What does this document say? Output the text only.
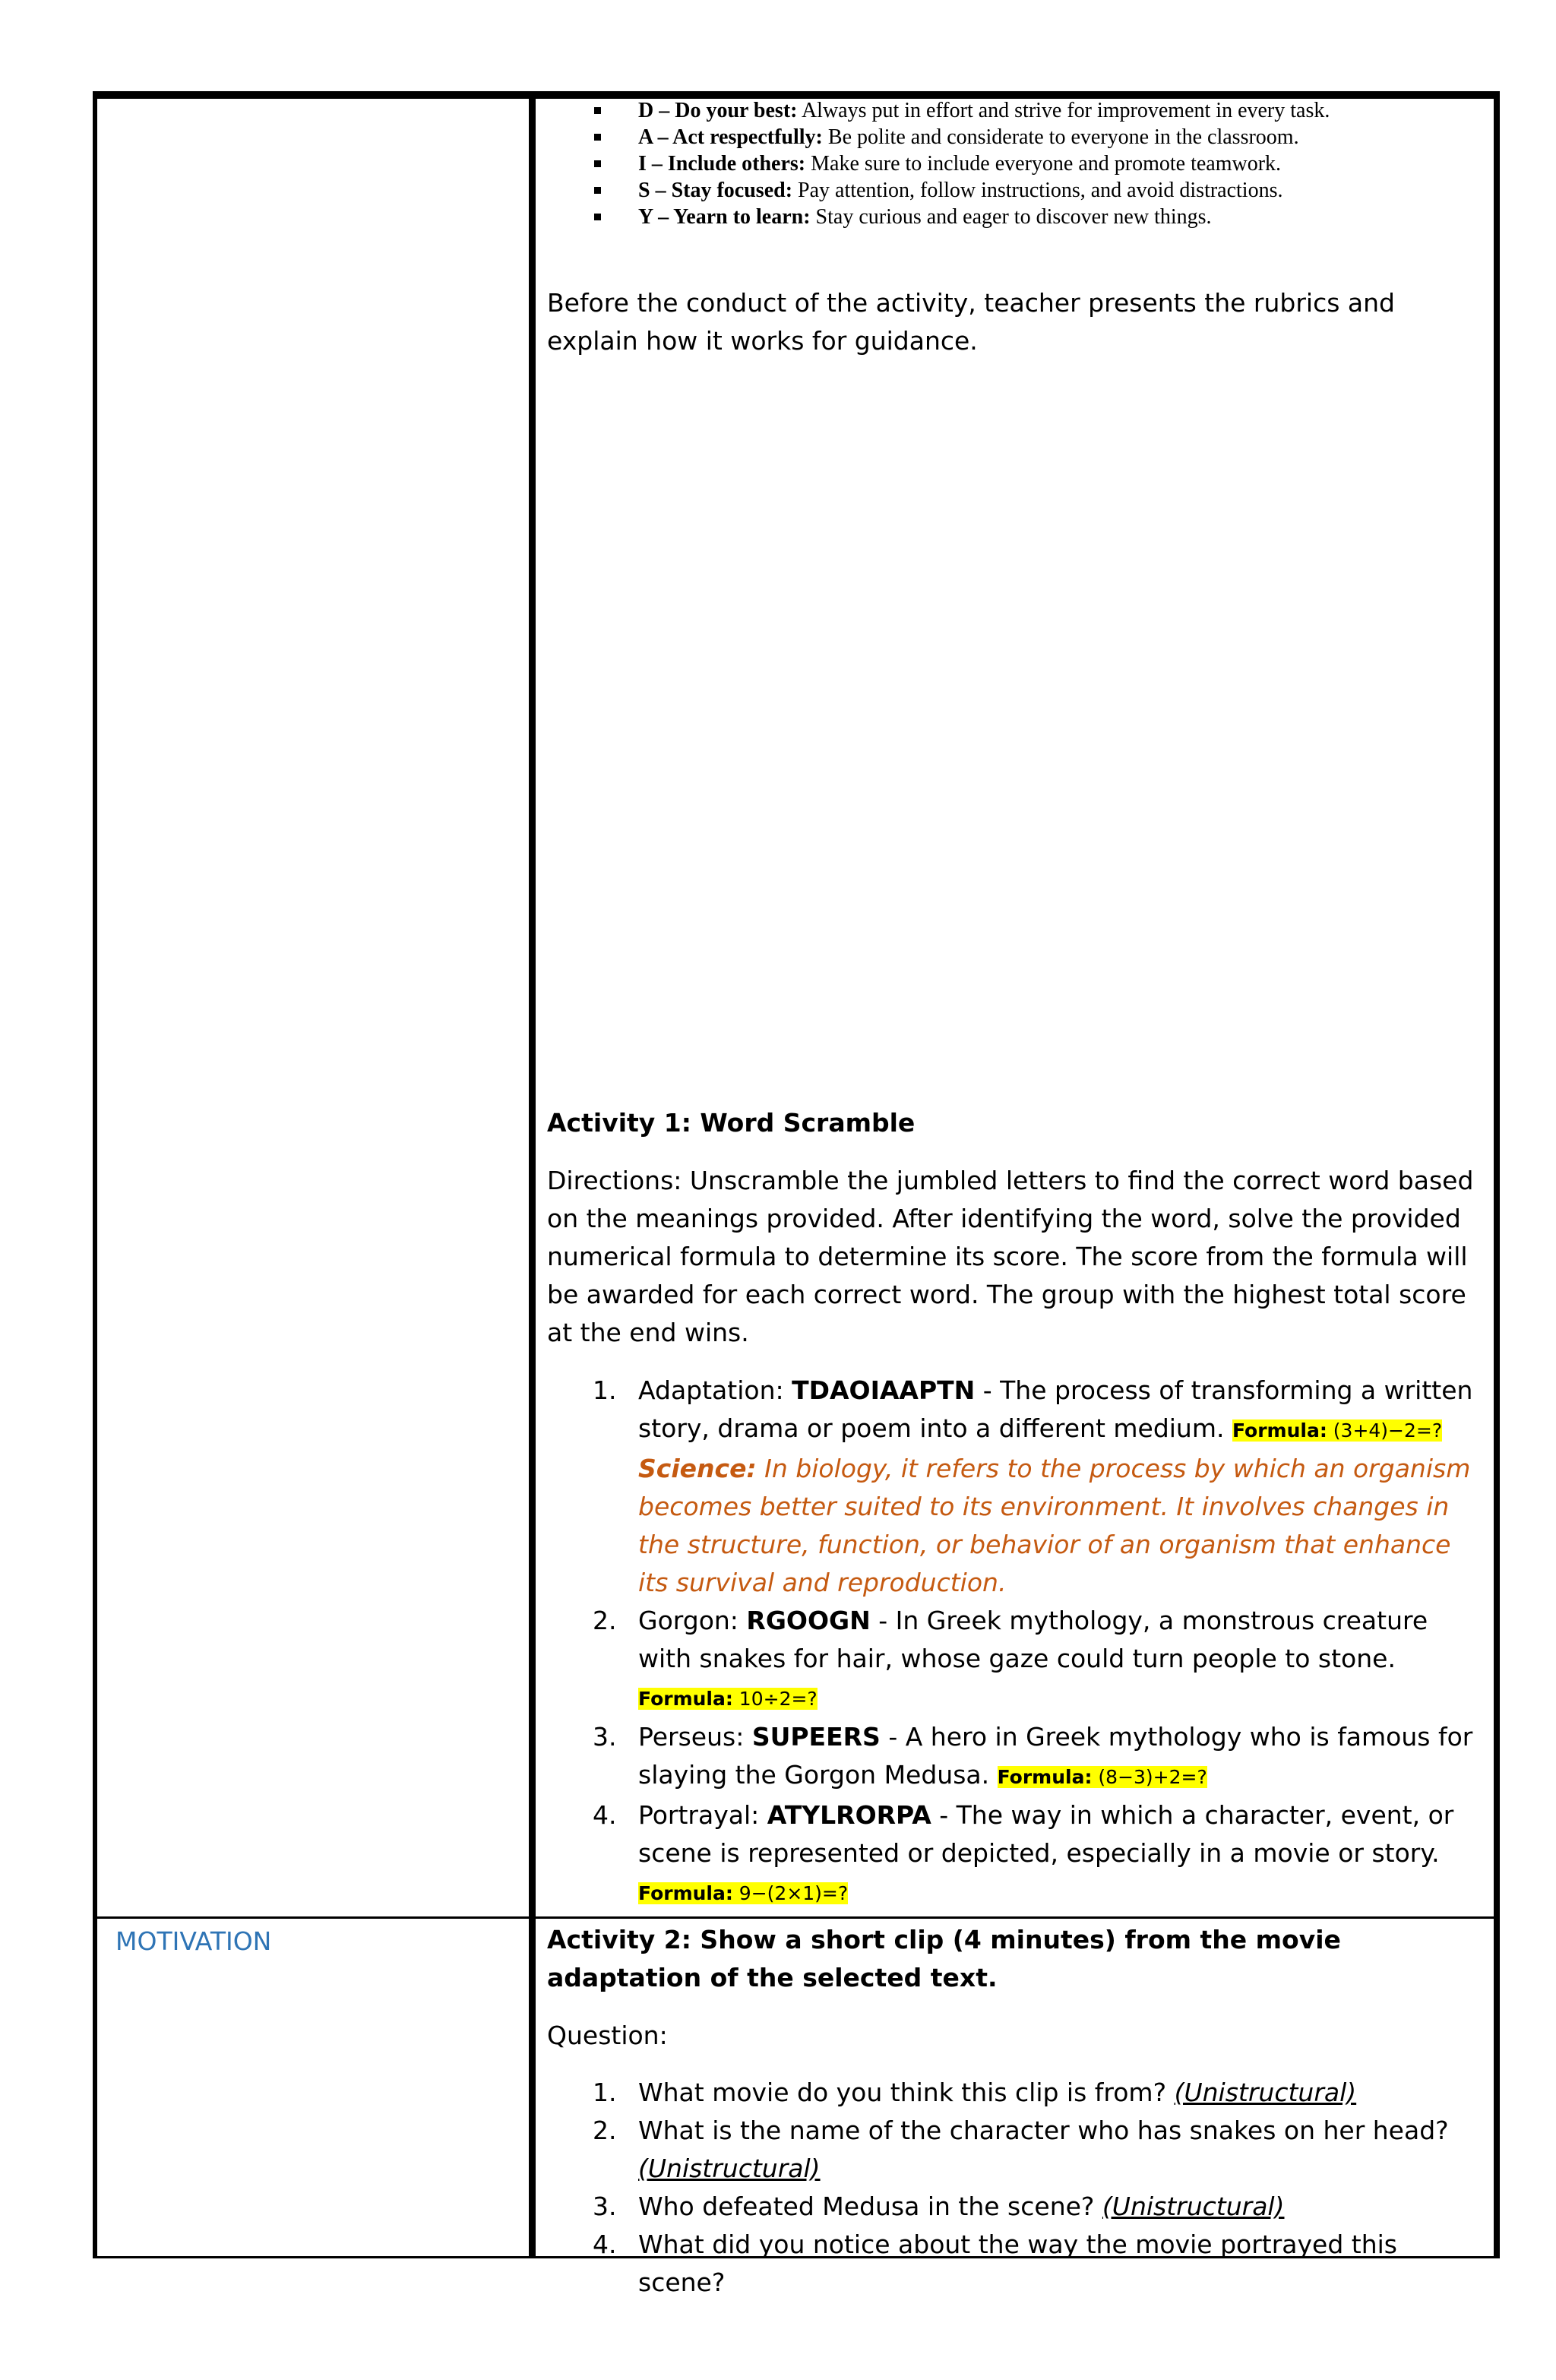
D – Do your best: Always put in effort and strive for improvement in every task.
A – Act respectfully: Be polite and considerate to everyone in the classroom.
I – Include others: Make sure to include everyone and promote teamwork.
S – Stay focused: Pay attention, follow instructions, and avoid distractions.
Y – Yearn to learn: Stay curious and eager to discover new things.
Before the conduct of the activity, teacher presents the rubrics and explain how it works for guidance.
Activity 1: Word Scramble
Directions: Unscramble the jumbled letters to find the correct word based on the meanings provided. After identifying the word, solve the provided numerical formula to determine its score. The score from the formula will be awarded for each correct word. The group with the highest total score at the end wins.
1. Adaptation: TDAOIAAPTN - The process of transforming a written story, drama or poem into a different medium. Formula: (3+4)−2=?
Science: In biology, it refers to the process by which an organism becomes better suited to its environment. It involves changes in the structure, function, or behavior of an organism that enhance its survival and reproduction.
2. Gorgon: RGOOGN - In Greek mythology, a monstrous creature with snakes for hair, whose gaze could turn people to stone. Formula: 10÷2=?
3. Perseus: SUPEERS - A hero in Greek mythology who is famous for slaying the Gorgon Medusa. Formula: (8−3)+2=?
4. Portrayal: ATYLRORPA - The way in which a character, event, or scene is represented or depicted, especially in a movie or story. Formula: 9−(2×1)=?
MOTIVATION	Activity 2: Show a short clip (4 minutes) from the movie adaptation of the selected text.
Question:
1. What movie do you think this clip is from? (Unistructural)
2. What is the name of the character who has snakes on her head? (Unistructural)
3. Who defeated Medusa in the scene? (Unistructural)
4. What did you notice about the way the movie portrayed this scene?
